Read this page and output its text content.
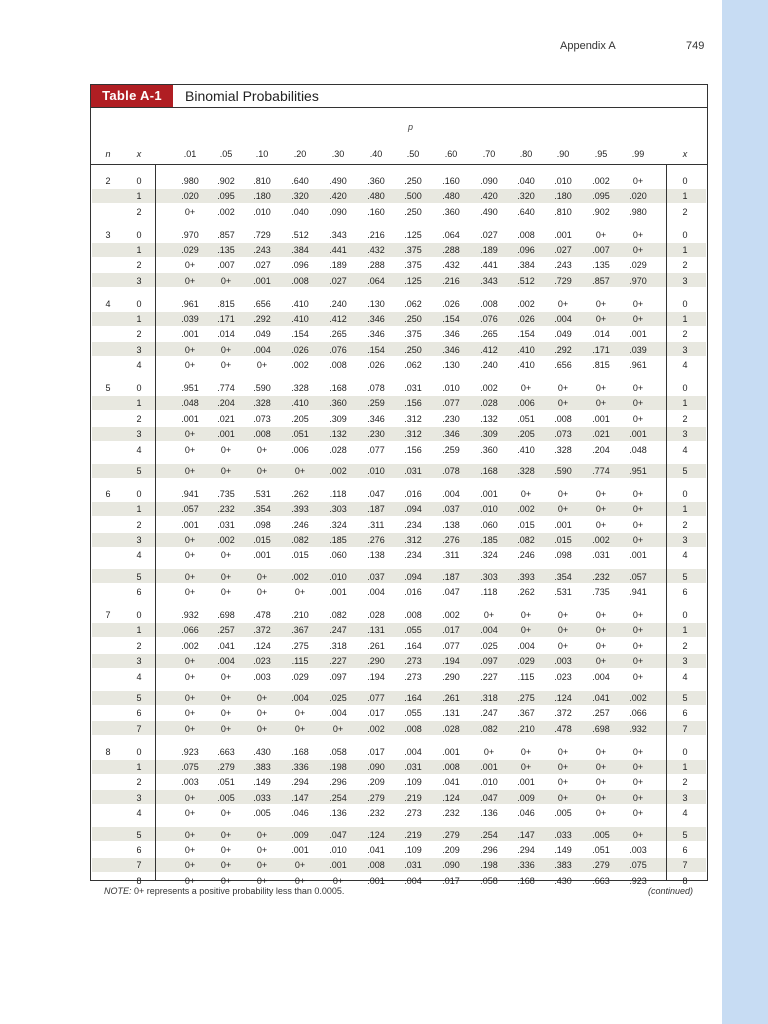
Appendix A	749
Table A-1	Binomial Probabilities
p
n	x	.01	.05	.10	.20	.30	.40	.50	.60	.70	.80	.90	.95	.99	x
2	0	.980	.902	.810	.640	.490	.360	.250	.160	.090	.040	.010	.002	0+	0
1	.020	.095	.180	.320	.420	.480	.500	.480	.420	.320	.180	.095	.020	1
2	0+	.002	.010	.040	.090	.160	.250	.360	.490	.640	.810	.902	.980	2
3	0	.970	.857	.729	.512	.343	.216	.125	.064	.027	.008	.001	0+	0+	0
1	.029	.135	.243	.384	.441	.432	.375	.288	.189	.096	.027	.007	0+	1
2	0+	.007	.027	.096	.189	.288	.375	.432	.441	.384	.243	.135	.029	2
3	0+	0+	.001	.008	.027	.064	.125	.216	.343	.512	.729	.857	.970	3
4	0	.961	.815	.656	.410	.240	.130	.062	.026	.008	.002	0+	0+	0+	0
1	.039	.171	.292	.410	.412	.346	.250	.154	.076	.026	.004	0+	0+	1
2	.001	.014	.049	.154	.265	.346	.375	.346	.265	.154	.049	.014	.001	2
3	0+	0+	.004	.026	.076	.154	.250	.346	.412	.410	.292	.171	.039	3
4	0+	0+	0+	.002	.008	.026	.062	.130	.240	.410	.656	.815	.961	4
5	0	.951	.774	.590	.328	.168	.078	.031	.010	.002	0+	0+	0+	0+	0
1	.048	.204	.328	.410	.360	.259	.156	.077	.028	.006	0+	0+	0+	1
2	.001	.021	.073	.205	.309	.346	.312	.230	.132	.051	.008	.001	0+	2
3	0+	.001	.008	.051	.132	.230	.312	.346	.309	.205	.073	.021	.001	3
4	0+	0+	0+	.006	.028	.077	.156	.259	.360	.410	.328	.204	.048	4
5	0+	0+	0+	0+	.002	.010	.031	.078	.168	.328	.590	.774	.951	5
6	0	.941	.735	.531	.262	.118	.047	.016	.004	.001	0+	0+	0+	0+	0
1	.057	.232	.354	.393	.303	.187	.094	.037	.010	.002	0+	0+	0+	1
2	.001	.031	.098	.246	.324	.311	.234	.138	.060	.015	.001	0+	0+	2
3	0+	.002	.015	.082	.185	.276	.312	.276	.185	.082	.015	.002	0+	3
4	0+	0+	.001	.015	.060	.138	.234	.311	.324	.246	.098	.031	.001	4
5	0+	0+	0+	.002	.010	.037	.094	.187	.303	.393	.354	.232	.057	5
6	0+	0+	0+	0+	.001	.004	.016	.047	.118	.262	.531	.735	.941	6
7	0	.932	.698	.478	.210	.082	.028	.008	.002	0+	0+	0+	0+	0+	0
1	.066	.257	.372	.367	.247	.131	.055	.017	.004	0+	0+	0+	0+	1
2	.002	.041	.124	.275	.318	.261	.164	.077	.025	.004	0+	0+	0+	2
3	0+	.004	.023	.115	.227	.290	.273	.194	.097	.029	.003	0+	0+	3
4	0+	0+	.003	.029	.097	.194	.273	.290	.227	.115	.023	.004	0+	4
5	0+	0+	0+	.004	.025	.077	.164	.261	.318	.275	.124	.041	.002	5
6	0+	0+	0+	0+	.004	.017	.055	.131	.247	.367	.372	.257	.066	6
7	0+	0+	0+	0+	0+	.002	.008	.028	.082	.210	.478	.698	.932	7
8	0	.923	.663	.430	.168	.058	.017	.004	.001	0+	0+	0+	0+	0+	0
1	.075	.279	.383	.336	.198	.090	.031	.008	.001	0+	0+	0+	0+	1
2	.003	.051	.149	.294	.296	.209	.109	.041	.010	.001	0+	0+	0+	2
3	0+	.005	.033	.147	.254	.279	.219	.124	.047	.009	0+	0+	0+	3
4	0+	0+	.005	.046	.136	.232	.273	.232	.136	.046	.005	0+	0+	4
5	0+	0+	0+	.009	.047	.124	.219	.279	.254	.147	.033	.005	0+	5
6	0+	0+	0+	.001	.010	.041	.109	.209	.296	.294	.149	.051	.003	6
7	0+	0+	0+	0+	.001	.008	.031	.090	.198	.336	.383	.279	.075	7
8	0+	0+	0+	0+	0+	.001	.004	.017	.058	.168	.430	.663	.923	8
NOTE: 0+ represents a positive probability less than 0.0005.	(continued)
